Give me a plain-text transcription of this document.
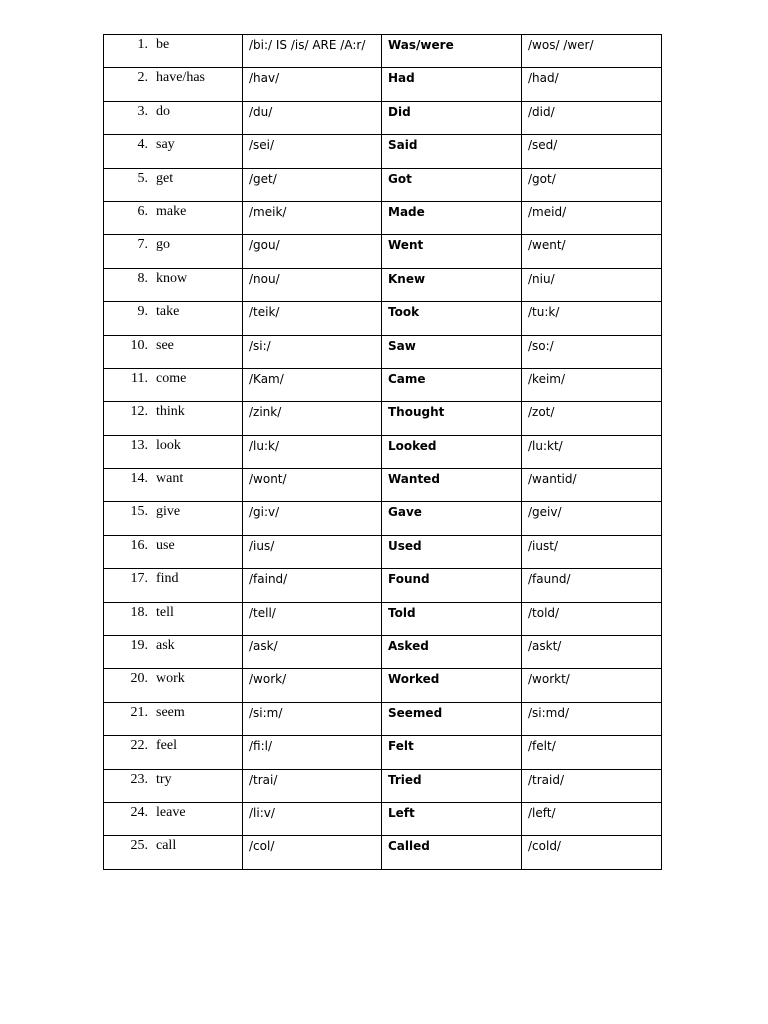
1. be	/bi:/ IS /is/ ARE /A:r/	Was/were	/wos/ /wer/
2. have/has	/hav/	Had	/had/
3. do	/du/	Did	/did/
4. say	/sei/	Said	/sed/
5. get	/get/	Got	/got/
6. make	/meik/	Made	/meid/
7. go	/gou/	Went	/went/
8. know	/nou/	Knew	/niu/
9. take	/teik/	Took	/tu:k/
10. see	/si:/	Saw	/so:/
11. come	/Kam/	Came	/keim/
12. think	/zink/	Thought	/zot/
13. look	/lu:k/	Looked	/lu:kt/
14. want	/wont/	Wanted	/wantid/
15. give	/gi:v/	Gave	/geiv/
16. use	/ius/	Used	/iust/
17. find	/faind/	Found	/faund/
18. tell	/tell/	Told	/told/
19. ask	/ask/	Asked	/askt/
20. work	/work/	Worked	/workt/
21. seem	/si:m/	Seemed	/si:md/
22. feel	/fi:l/	Felt	/felt/
23. try	/trai/	Tried	/traid/
24. leave	/li:v/	Left	/left/
25. call	/col/	Called	/cold/
